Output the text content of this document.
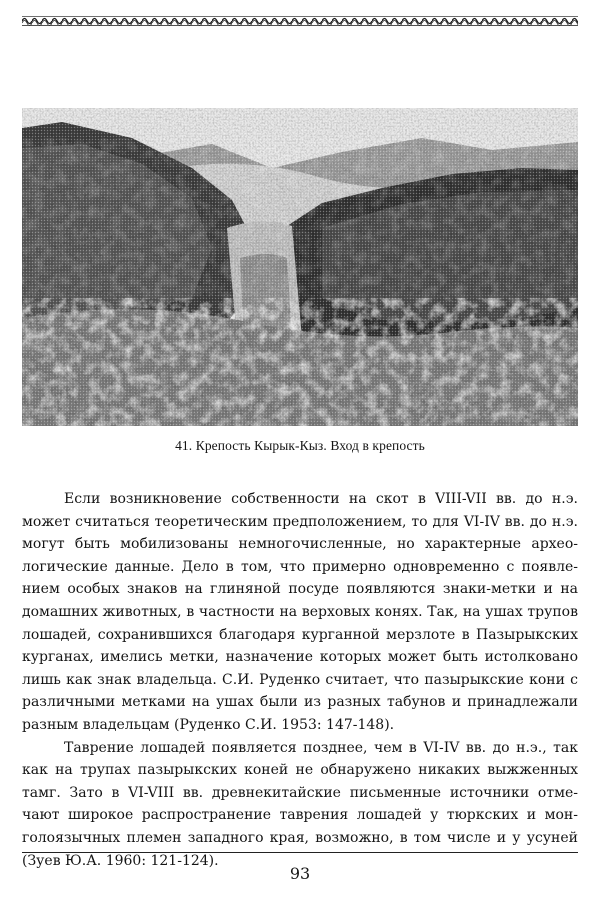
41. Крепость Кырык-Кыз. Вход в крепость
Если возникновение собственности на скот в VIII-VII вв. до н.э.
может считаться теоретическим предположением, то для VI-IV вв. до н.э.
могут быть мобилизованы немногочисленные, но характерные архео-
логические данные. Дело в том, что примерно одновременно с появле-
нием особых знаков на глиняной посуде появляются знаки-метки и на
домашних животных, в частности на верховых конях. Так, на ушах трупов
лошадей, сохранившихся благодаря курганной мерзлоте в Пазырыкских
курганах, имелись метки, назначение которых может быть истолковано
лишь как знак владельца. С.И. Руденко считает, что пазырыкские кони с
различными метками на ушах были из разных табунов и принадлежали
разным владельцам (Руденко С.И. 1953: 147-148).
Таврение лошадей появляется позднее, чем в VI-IV вв. до н.э., так
как на трупах пазырыкских коней не обнаружено никаких выжженных
тамг. Зато в VI-VIII вв. древнекитайские письменные источники отме-
чают широкое распространение таврения лошадей у тюркских и мон-
голоязычных племен западного края, возможно, в том числе и у усуней
(Зуев Ю.А. 1960: 121-124).
93
